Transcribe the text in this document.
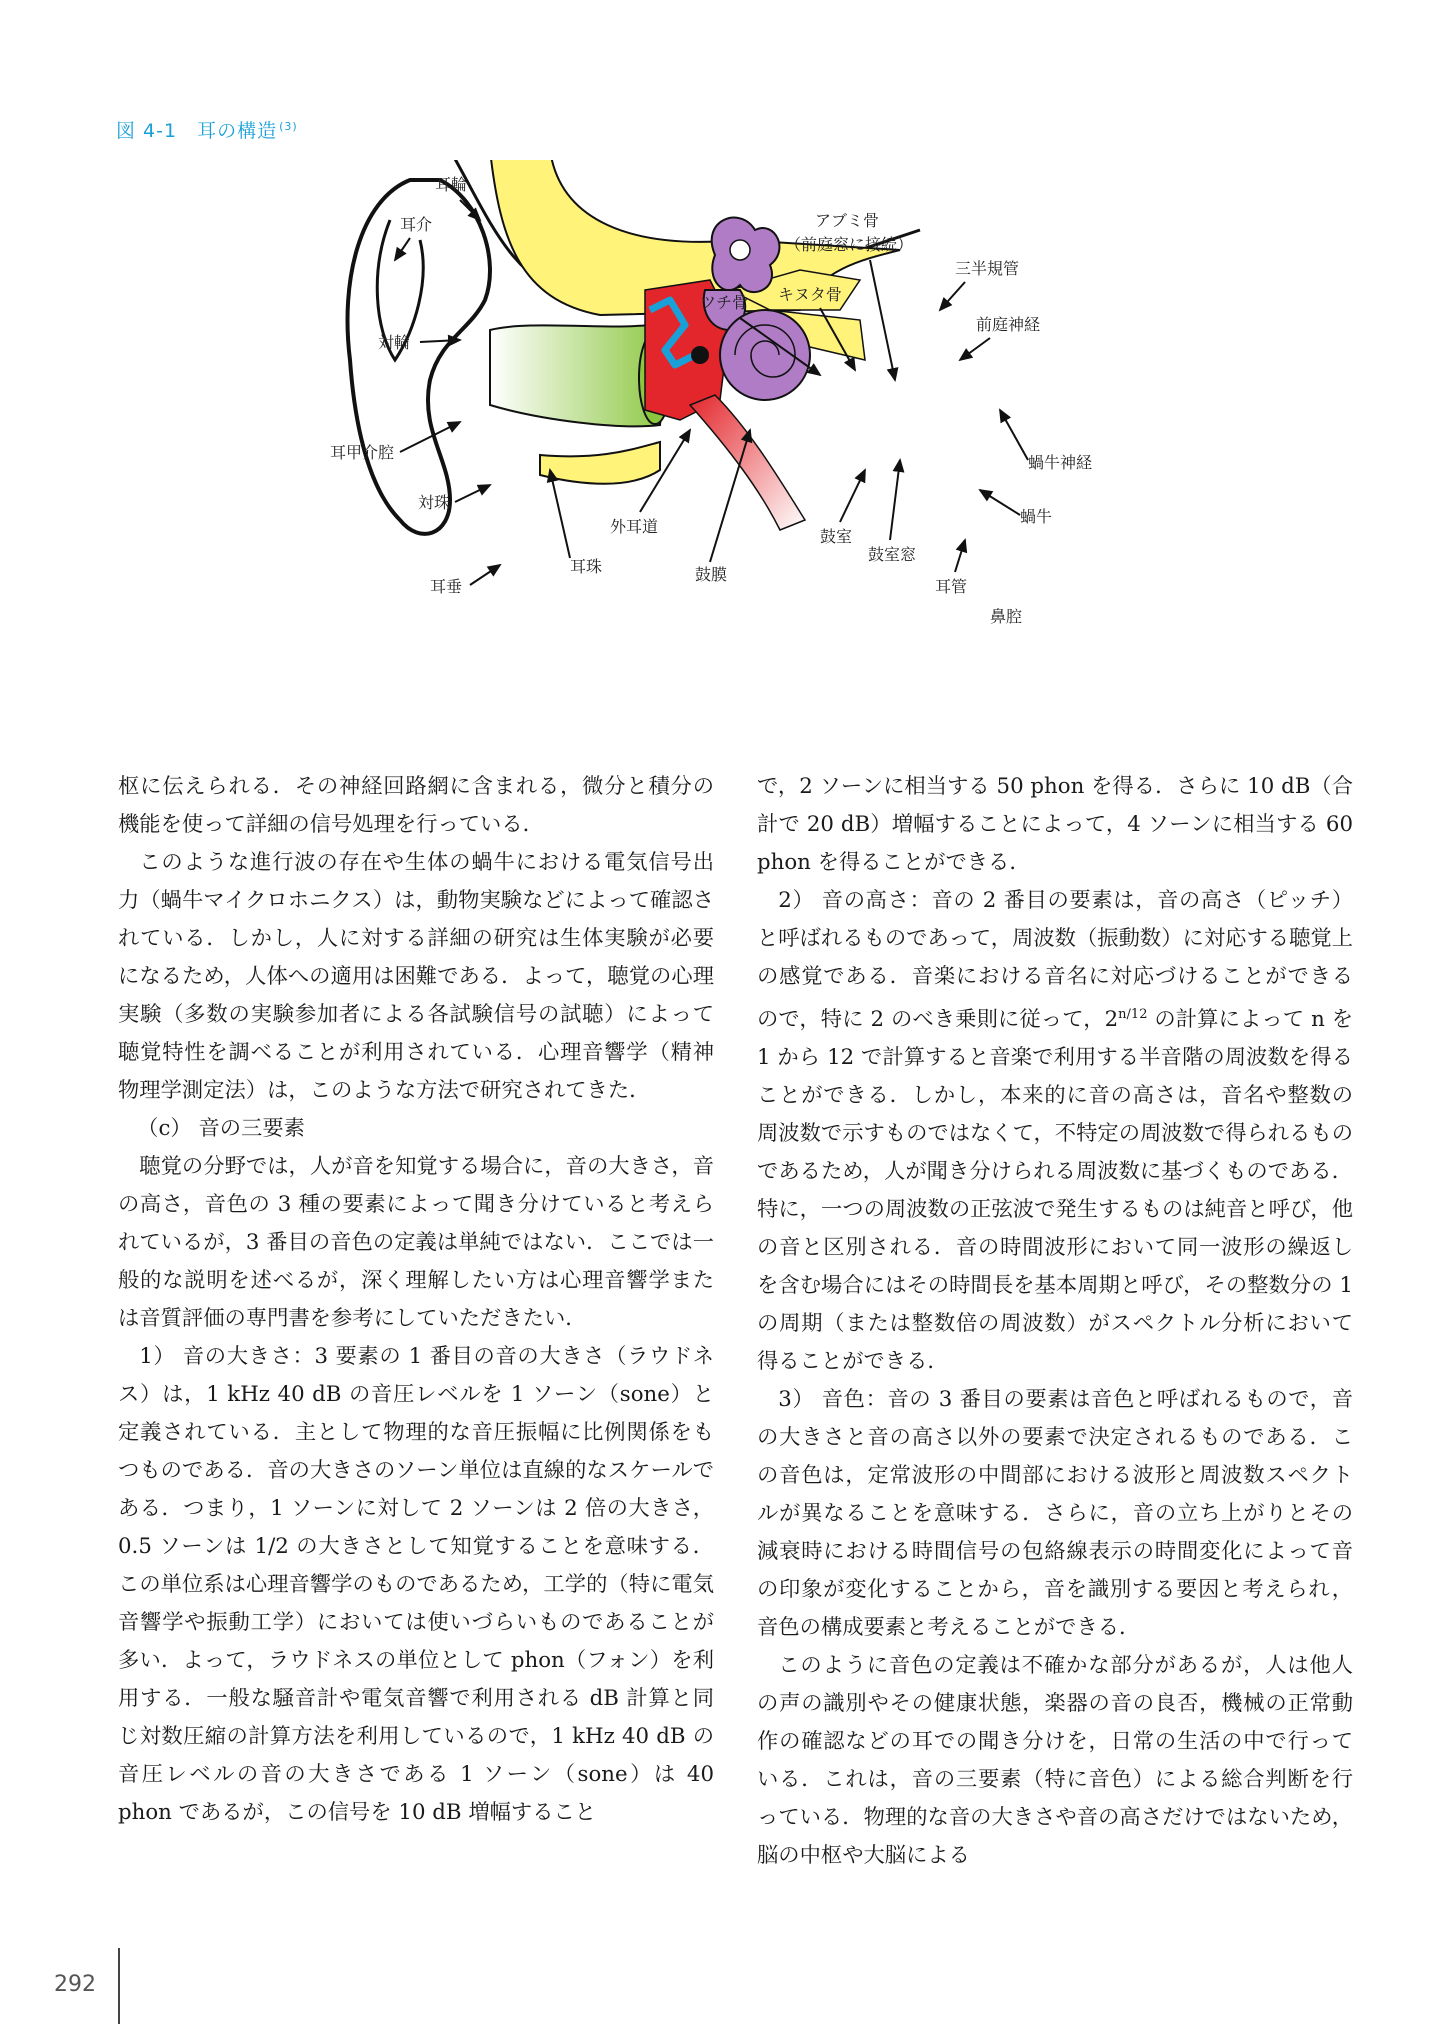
図 4-1　 耳の構造 $^{(3)}$
耳輪
耳介
対輪
耳甲介腔
対珠
耳垂
耳珠
外耳道
鼓膜
鼓室
鼓室窓
耳管
鼻腔
蝸牛
蝸牛神経
前庭神経
三半規管
アブミ骨
（前庭窓に接続）
キヌタ骨
ツチ骨

枢に伝えられる．その神経回路網に含まれる，微分と積分の機能を使って詳細の信号処理を行っている．

このような進行波の存在や生体の蝸牛における電気信号出力（蝸牛マイクロホニクス）は，動物実験などによって確認されている．しかし，人に対する詳細の研究は生体実験が必要になるため，人体への適用は困難である．よって，聴覚の心理実験（多数の実験参加者による各試験信号の試聴）によって聴覚特性を調べることが利用されている．心理音響学（精神物理学測定法）は，このような方法で研究されてきた．

（c） 音の三要素

聴覚の分野では，人が音を知覚する場合に，音の大きさ，音の高さ，音色の 3 種の要素によって聞き分けていると考えられているが，3 番目の音色の定義は単純ではない．ここでは一般的な説明を述べるが，深く理解したい方は心理音響学または音質評価の専門書を参考にしていただきたい．

1） 音の大きさ：3 要素の 1 番目の音の大きさ（ラウドネス）は，1 kHz 40 dB の音圧レベルを 1 ソーン（sone）と定義されている．主として物理的な音圧振幅に比例関係をもつものである．音の大きさのソーン単位は直線的なスケールである．つまり，1 ソーンに対して 2 ソーンは 2 倍の大きさ，0.5 ソーンは 1/2 の大きさとして知覚することを意味する．この単位系は心理音響学のものであるため，工学的（特に電気音響学や振動工学）においては使いづらいものであることが多い．よって，ラウドネスの単位として phon（フォン）を利用する．一般な騒音計や電気音響で利用される dB 計算と同じ対数圧縮の計算方法を利用しているので，1 kHz 40 dB の音圧レベルの音の大きさである 1 ソーン（sone）は 40 phon であるが，この信号を 10 dB 増幅すること

で，2 ソーンに相当する 50 phon を得る．さらに 10 dB（合計で 20 dB）増幅することによって，4 ソーンに相当する 60 phon を得ることができる．

2） 音の高さ：音の 2 番目の要素は，音の高さ（ピッチ）と呼ばれるものであって，周波数（振動数）に対応する聴覚上の感覚である．音楽における音名に対応づけることができるので，特に 2 のべき乗則に従って，$2^{n/12}$ の計算によって n を 1 から 12 で計算すると音楽で利用する半音階の周波数を得ることができる．しかし，本来的に音の高さは，音名や整数の周波数で示すものではなくて，不特定の周波数で得られるものであるため，人が聞き分けられる周波数に基づくものである．特に，一つの周波数の正弦波で発生するものは純音と呼び，他の音と区別される．音の時間波形において同一波形の繰返しを含む場合にはその時間長を基本周期と呼び，その整数分の 1 の周期（または整数倍の周波数）がスペクトル分析において得ることができる．

3） 音色：音の 3 番目の要素は音色と呼ばれるもので，音の大きさと音の高さ以外の要素で決定されるものである．この音色は，定常波形の中間部における波形と周波数スペクトルが異なることを意味する．さらに，音の立ち上がりとその減衰時における時間信号の包絡線表示の時間変化によって音の印象が変化することから，音を識別する要因と考えられ，音色の構成要素と考えることができる．

このように音色の定義は不確かな部分があるが，人は他人の声の識別やその健康状態，楽器の音の良否，機械の正常動作の確認などの耳での聞き分けを，日常の生活の中で行っている．これは，音の三要素（特に音色）による総合判断を行っている．物理的な音の大きさや音の高さだけではないため，脳の中枢や大脳による

292
